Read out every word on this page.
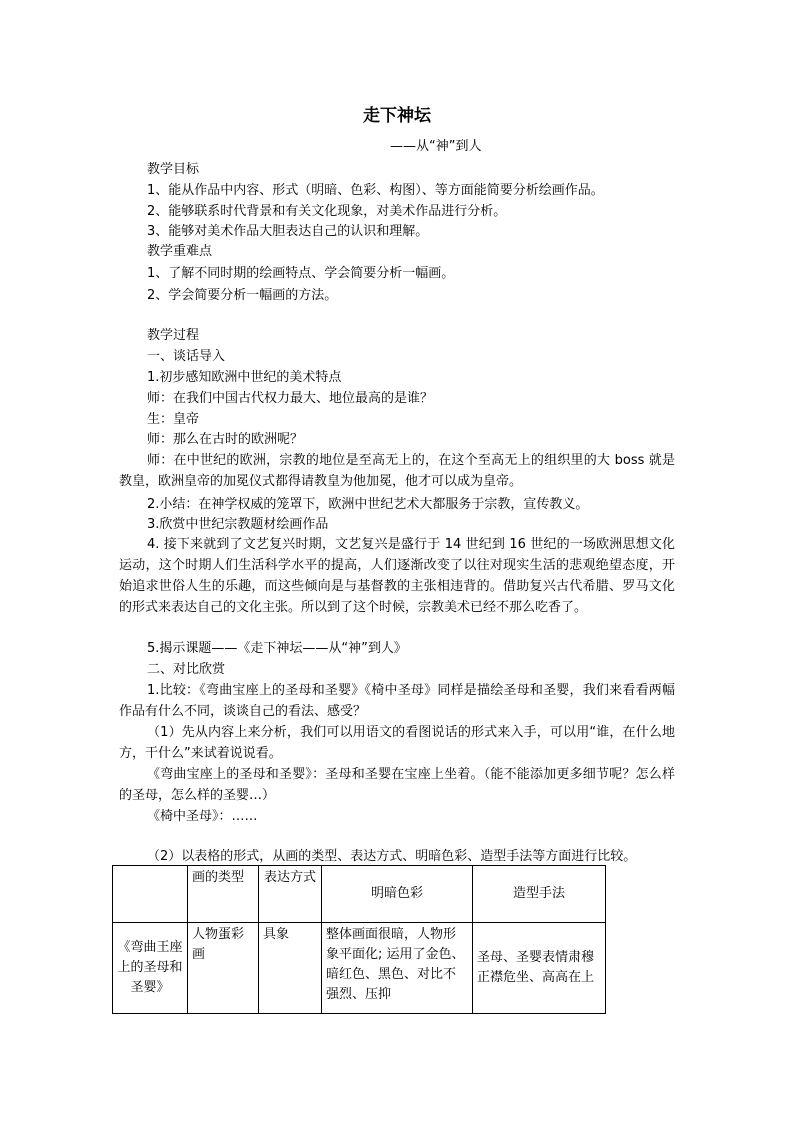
走下神坛
——从“神”到人
教学目标
1、能从作品中内容、形式（明暗、色彩、构图）、等方面能简要分析绘画作品。
2、能够联系时代背景和有关文化现象，对美术作品进行分析。
3、能够对美术作品大胆表达自己的认识和理解。
教学重难点
1、了解不同时期的绘画特点、学会简要分析一幅画。
2、学会简要分析一幅画的方法。
教学过程
一、谈话导入
1.初步感知欧洲中世纪的美术特点
师：在我们中国古代权力最大、地位最高的是谁？
生：皇帝
师：那么在古时的欧洲呢？
师：在中世纪的欧洲，宗教的地位是至高无上的，在这个至高无上的组织里的大 boss 就是教皇，欧洲皇帝的加冕仪式都得请教皇为他加冕，他才可以成为皇帝。
2.小结：在神学权威的笼罩下，欧洲中世纪艺术大都服务于宗教，宣传教义。
3.欣赏中世纪宗教题材绘画作品
4. 接下来就到了文艺复兴时期，文艺复兴是盛行于 14 世纪到 16 世纪的一场欧洲思想文化运动，这个时期人们生活科学水平的提高，人们逐渐改变了以往对现实生活的悲观绝望态度，开始追求世俗人生的乐趣，而这些倾向是与基督教的主张相违背的。借助复兴古代希腊、罗马文化的形式来表达自己的文化主张。所以到了这个时候，宗教美术已经不那么吃香了。
5.揭示课题——《走下神坛——从“神”到人》
二、对比欣赏
1.比较：《弯曲宝座上的圣母和圣婴》《椅中圣母》同样是描绘圣母和圣婴，我们来看看两幅作品有什么不同，谈谈自己的看法、感受？
（1）先从内容上来分析，我们可以用语文的看图说话的形式来入手，可以用“谁，在什么地方，干什么”来试着说说看。
《弯曲宝座上的圣母和圣婴》：圣母和圣婴在宝座上坐着。（能不能添加更多细节呢？怎么样的圣母，怎么样的圣婴…）
《椅中圣母》：……
（2）以表格的形式，从画的类型、表达方式、明暗色彩、造型手法等方面进行比较。
	画的类型	表达方式	明暗色彩	造型手法
《弯曲王座上的圣母和圣婴》	人物蛋彩画	具象	整体画面很暗，人物形象平面化; 运用了金色、暗红色、黑色、对比不强烈、压抑	圣母、圣婴表情肃穆正襟危坐、高高在上
